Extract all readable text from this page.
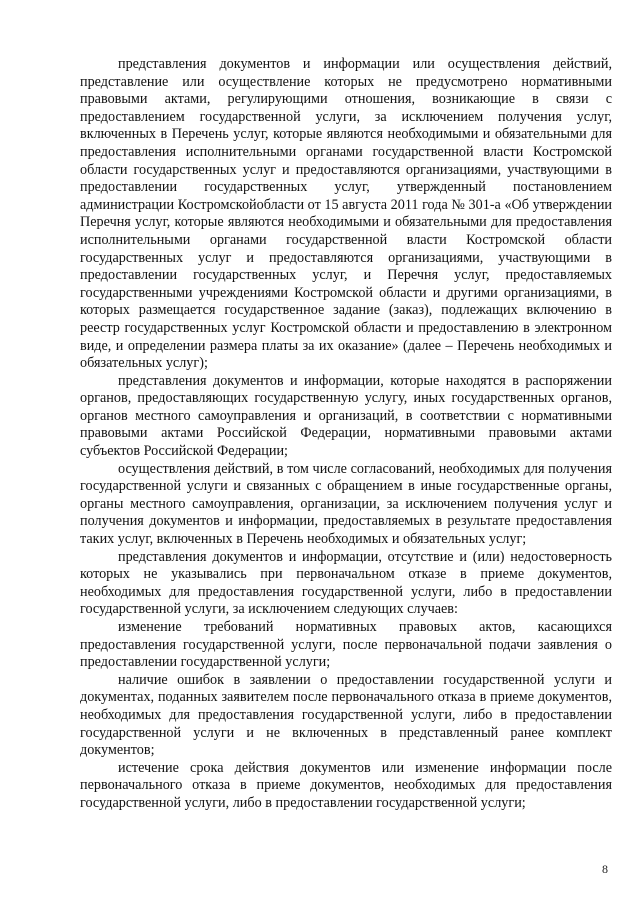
представления документов и информации или осуществления действий, представление или осуществление которых не предусмотрено нормативными правовыми актами, регулирующими отношения, возникающие в связи с предоставлением государственной услуги, за исключением получения услуг, включенных в Перечень услуг, которые являются необходимыми и обязательными для предоставления исполнительными органами государственной власти Костромской области государственных услуг и предоставляются организациями, участвующими в предоставлении государственных услуг, утвержденный постановлением администрации Костромскойобласти от 15 августа 2011 года № 301-а «Об утверждении Перечня услуг, которые являются необходимыми и обязательными для предоставления исполнительными органами государственной власти Костромской области государственных услуг и предоставляются организациями, участвующими в предоставлении государственных услуг, и Перечня услуг, предоставляемых государственными учреждениями Костромской области и другими организациями, в которых размещается государственное задание (заказ), подлежащих включению в реестр государственных услуг Костромской области и предоставлению в электронном виде, и определении размера платы за их оказание» (далее – Перечень необходимых и обязательных услуг);

представления документов и информации, которые находятся в распоряжении органов, предоставляющих государственную услугу, иных государственных органов, органов местного самоуправления и организаций, в соответствии с нормативными правовыми актами Российской Федерации, нормативными правовыми актами субъектов Российской Федерации;

осуществления действий, в том числе согласований, необходимых для получения государственной услуги и связанных с обращением в иные государственные органы, органы местного самоуправления, организации, за исключением получения услуг и получения документов и информации, предоставляемых в результате предоставления таких услуг, включенных в Перечень необходимых и обязательных услуг;

представления документов и информации, отсутствие и (или) недостоверность которых не указывались при первоначальном отказе в приеме документов, необходимых для предоставления государственной услуги, либо в предоставлении государственной услуги, за исключением следующих случаев:

изменение требований нормативных правовых актов, касающихся предоставления государственной услуги, после первоначальной подачи заявления о предоставлении государственной услуги;

наличие ошибок в заявлении о предоставлении государственной услуги и документах, поданных заявителем после первоначального отказа в приеме документов, необходимых для предоставления государственной услуги, либо в предоставлении государственной услуги и не включенных в представленный ранее комплект документов;

истечение срока действия документов или изменение информации после первоначального отказа в приеме документов, необходимых для предоставления государственной услуги, либо в предоставлении государственной услуги;

8
